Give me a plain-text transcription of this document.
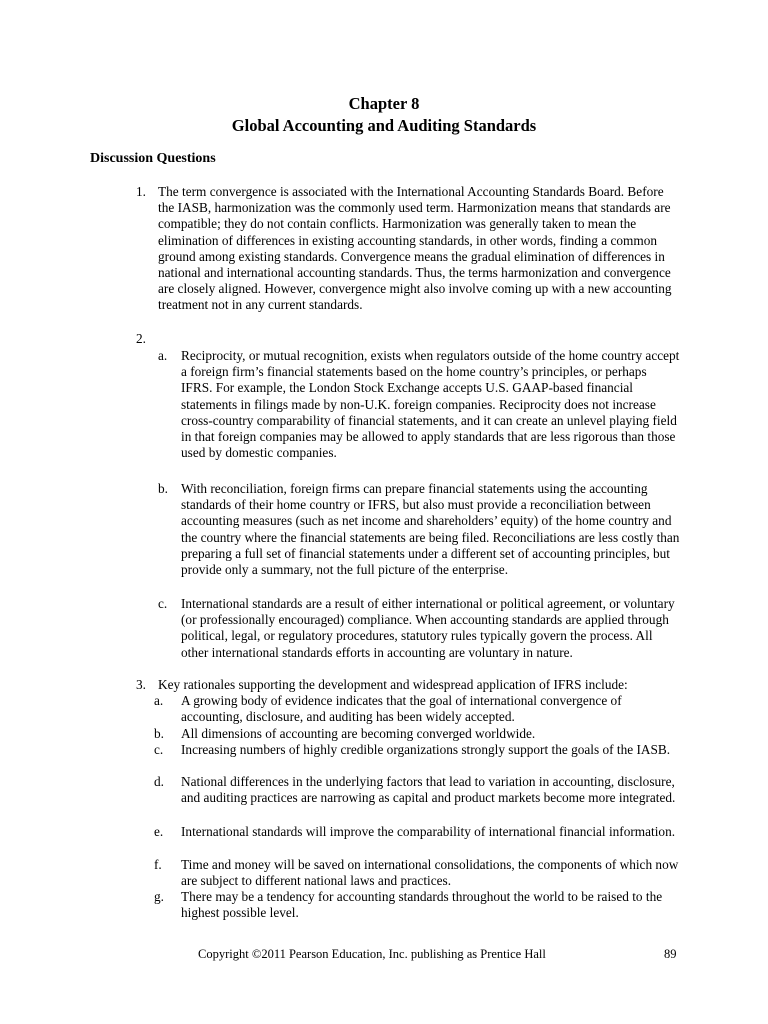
Chapter 8
Global Accounting and Auditing Standards
Discussion Questions
1. The term convergence is associated with the International Accounting Standards Board. Before the IASB, harmonization was the commonly used term. Harmonization means that standards are compatible; they do not contain conflicts. Harmonization was generally taken to mean the elimination of differences in existing accounting standards, in other words, finding a common ground among existing standards. Convergence means the gradual elimination of differences in national and international accounting standards. Thus, the terms harmonization and convergence are closely aligned. However, convergence might also involve coming up with a new accounting treatment not in any current standards.
2.
a. Reciprocity, or mutual recognition, exists when regulators outside of the home country accept a foreign firm’s financial statements based on the home country’s principles, or perhaps IFRS. For example, the London Stock Exchange accepts U.S. GAAP-based financial statements in filings made by non-U.K. foreign companies. Reciprocity does not increase cross-country comparability of financial statements, and it can create an unlevel playing field in that foreign companies may be allowed to apply standards that are less rigorous than those used by domestic companies.
b. With reconciliation, foreign firms can prepare financial statements using the accounting standards of their home country or IFRS, but also must provide a reconciliation between accounting measures (such as net income and shareholders’ equity) of the home country and the country where the financial statements are being filed. Reconciliations are less costly than preparing a full set of financial statements under a different set of accounting principles, but provide only a summary, not the full picture of the enterprise.
c. International standards are a result of either international or political agreement, or voluntary (or professionally encouraged) compliance. When accounting standards are applied through political, legal, or regulatory procedures, statutory rules typically govern the process. All other international standards efforts in accounting are voluntary in nature.
3. Key rationales supporting the development and widespread application of IFRS include:
a. A growing body of evidence indicates that the goal of international convergence of accounting, disclosure, and auditing has been widely accepted.
b. All dimensions of accounting are becoming converged worldwide.
c. Increasing numbers of highly credible organizations strongly support the goals of the IASB.
d. National differences in the underlying factors that lead to variation in accounting, disclosure, and auditing practices are narrowing as capital and product markets become more integrated.
e. International standards will improve the comparability of international financial information.
f. Time and money will be saved on international consolidations, the components of which now are subject to different national laws and practices.
g. There may be a tendency for accounting standards throughout the world to be raised to the highest possible level.
Copyright ©2011 Pearson Education, Inc. publishing as Prentice Hall	89
